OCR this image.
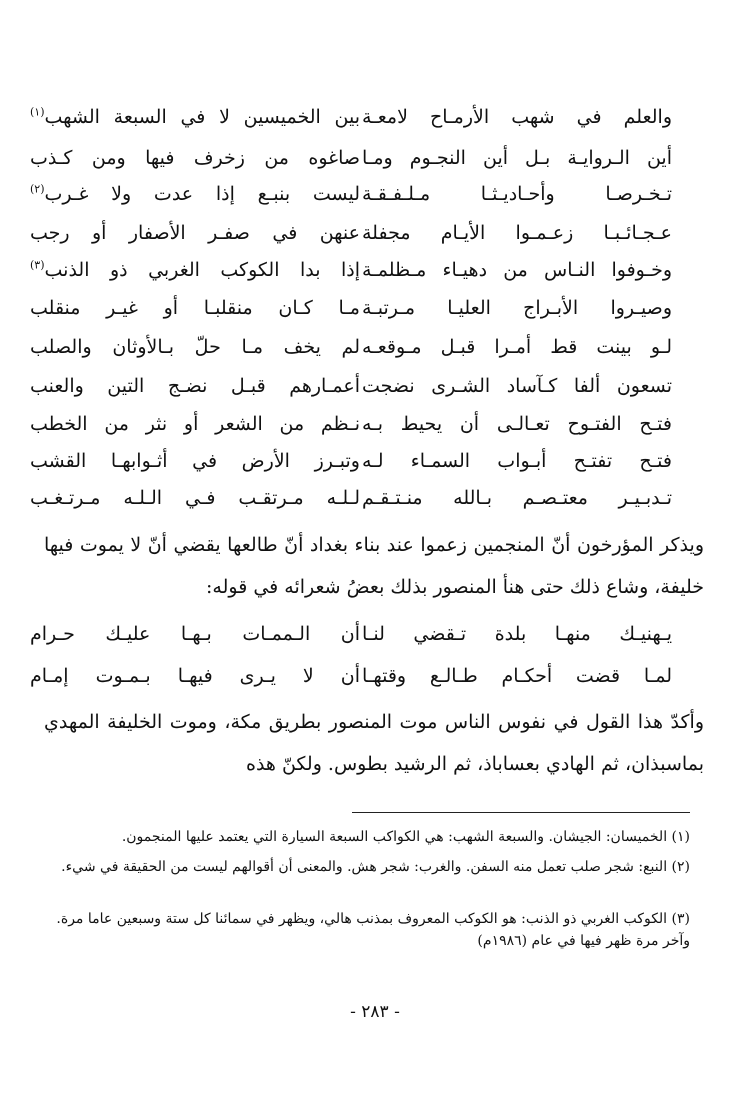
والعلم في شهب الأرمـاح لامعـة
بين الخميسين لا في السبعة الشهب$^{(١)}$
أين الـروايـة بـل أين النجـوم ومـا
صاغوه من زخرف فيها ومن كـذب
تـخـرصـا وأحـاديـثـا مـلـفـقـة
ليست بنبـع إذا عدت ولا غـرب$^{(٢)}$
عـجـائـبـا زعـمـوا الأيـام مجفلة
عنهن في صفـر الأصفار أو رجب
وخـوفوا النـاس من دهيـاء مـظلمـة
إذا بدا الكوكب الغربي ذو الذنب$^{(٣)}$
وصيـروا الأبـراج العليـا مـرتبـة
مـا كـان منقلبـا أو غيـر منقلب
لـو بينت قط أمـرا قبـل مـوقعـه
لم يخف مـا حلّ بـالأوثان والصلب
تسعون ألفا كـآساد الشـرى نضجت
أعمـارهم قبـل نضـج التين والعنب
فتـح الفتـوح تعـالـى أن يحيط بـه
نـظم من الشعر أو نثر من الخطب
فتـح تفتـح أبـواب السمـاء لـه
وتبـرز الأرض في أثـوابهـا القشب
تـدبـيـر معتـصـم بـالله منـتـقـم
لـلـه مـرتقـب فـي الـلـه مـرتـغـب
ويذكر المؤرخون أنّ المنجمين زعموا عند بناء بغداد أنّ طالعها يقضي أنّ لا يموت فيها خليفة، وشاع ذلك حتى هنأ المنصور بذلك بعضُ شعرائه في قوله:
يـهنيـك منهـا بلدة تـقضي لنـا
أن الـممـات بـهـا عليـك حـرام
لمـا قضت أحكـام طـالـع وقتهـا
أن لا يـرى فيهـا بـمـوت إمـام
وأكدّ هذا القول في نفوس الناس موت المنصور بطريق مكة، وموت الخليفة المهدي بماسبذان، ثم الهادي بعساباذ، ثم الرشيد بطوس. ولكنّ هذه
(١) الخميسان: الجيشان. والسبعة الشهب: هي الكواكب السبعة السيارة التي يعتمد عليها المنجمون.
(٢) النبع: شجر صلب تعمل منه السفن. والغرب: شجر هش. والمعنى أن أقوالهم ليست من الحقيقة في شيء.
(٣) الكوكب الغربي ذو الذنب: هو الكوكب المعروف بمذنب هالي، ويظهر في سمائنا كل ستة وسبعين عاما مرة. وآخر مرة ظهر فيها في عام (١٩٨٦م)
- ٢٨٣ -
